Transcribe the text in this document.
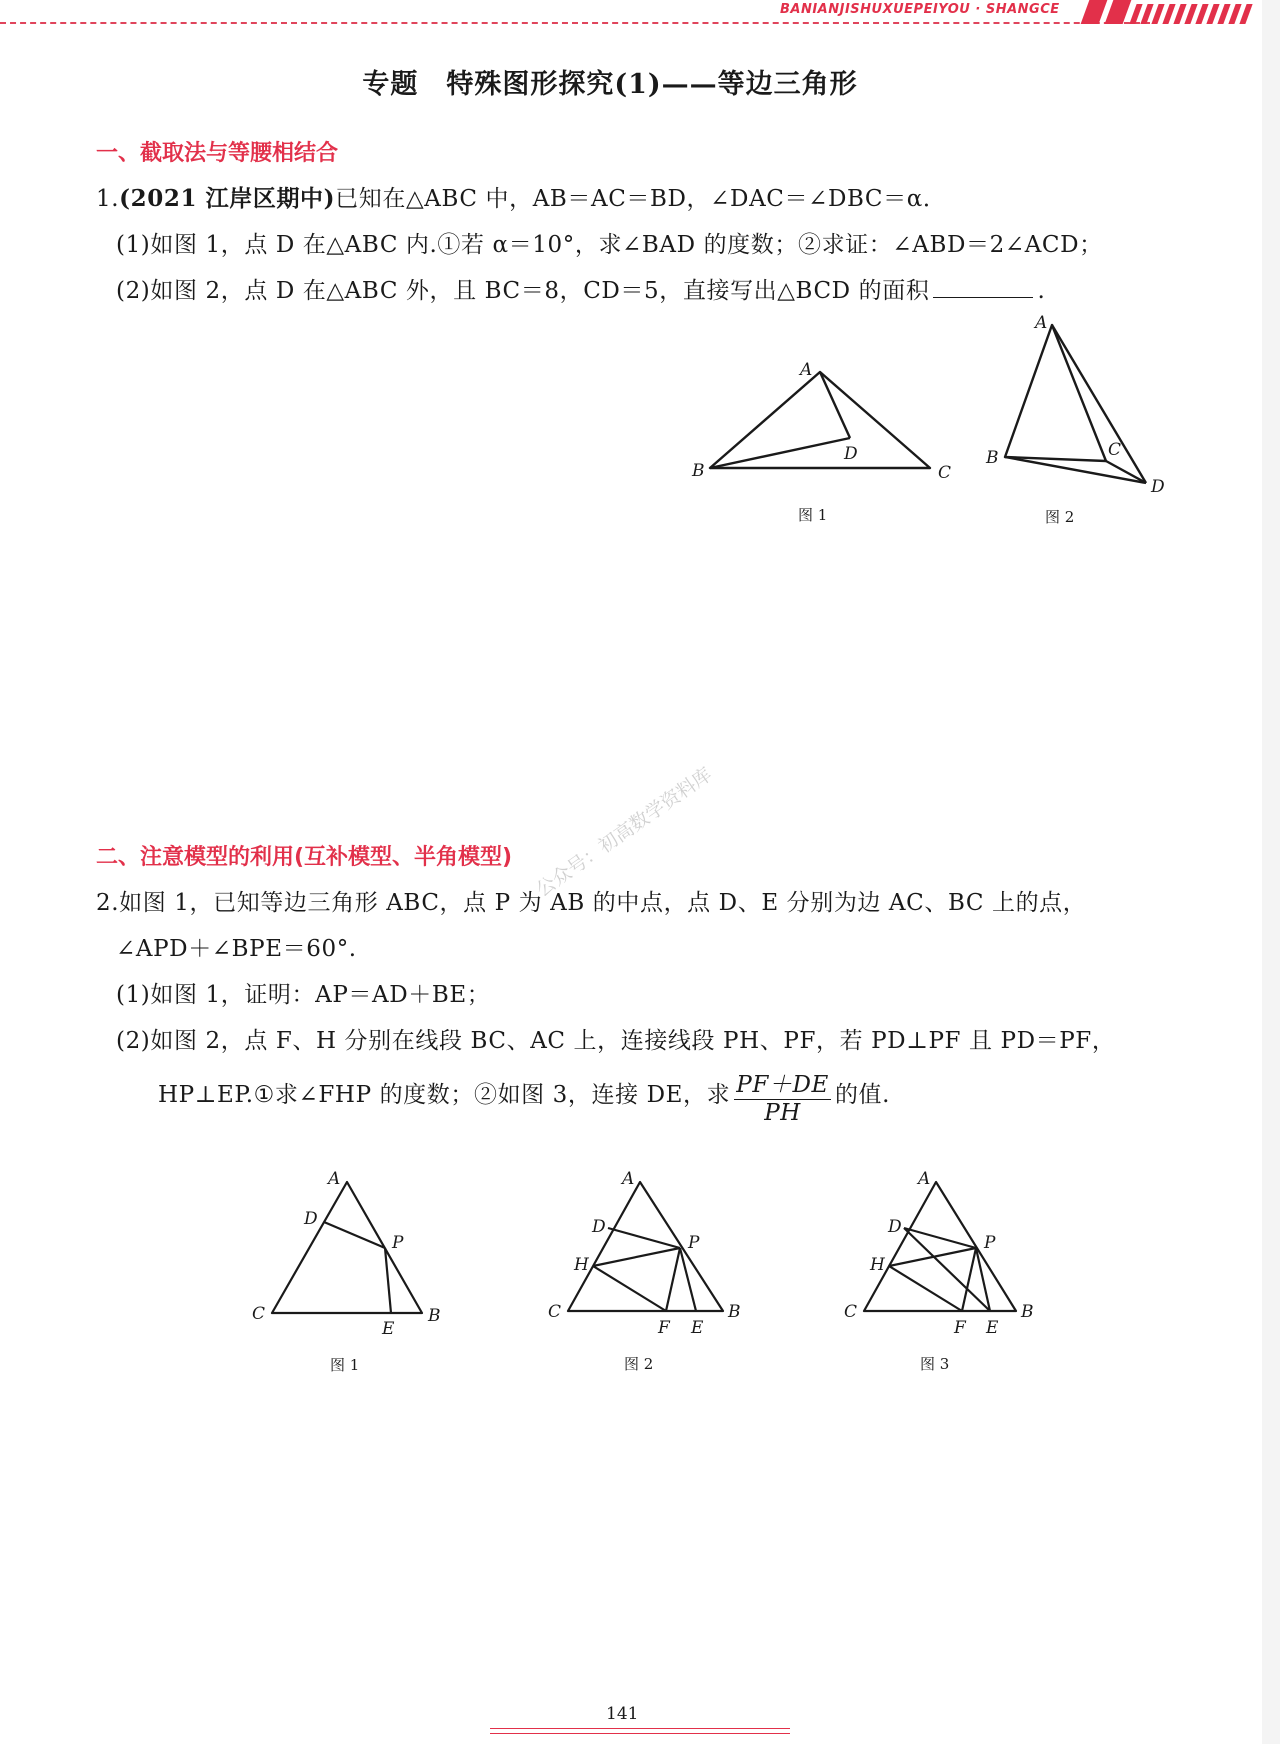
BANIANJISHUXUEPEIYOU · SHANGCE
专题　特殊图形探究(1)——等边三角形
一、截取法与等腰相结合
1.(2021 江岸区期中)已知在△ABC 中，AB＝AC＝BD，∠DAC＝∠DBC＝α．
(1)如图 1，点 D 在△ABC 内.①若 α＝10°，求∠BAD 的度数；②求证：∠ABD＝2∠ACD；
(2)如图 2，点 D 在△ABC 外，且 BC＝8，CD＝5，直接写出△BCD 的面积	.
A
B	C
D
图 1
A
B	C
D
图 2
二、注意模型的利用(互补模型、半角模型) 公众号：初高数学资料库
2.如图 1，已知等边三角形 ABC，点 P 为 AB 的中点，点 D、E 分别为边 AC、BC 上的点，
∠APD＋∠BPE＝60°.
(1)如图 1，证明：AP＝AD＋BE；
(2)如图 2，点 F、H 分别在线段 BC、AC 上，连接线段 PH、PF，若 PD⊥PF 且 PD＝PF，
HP⊥EP.①求∠FHP 的度数；②如图 3，连接 DE，求 $\frac{PF+DE}{PH}$ 的值.
A
D
P
C	B
E
图 1
A
D
P
H
C	B
F E
图 2
A
D
P
H
C	B
F E
图 3
141
